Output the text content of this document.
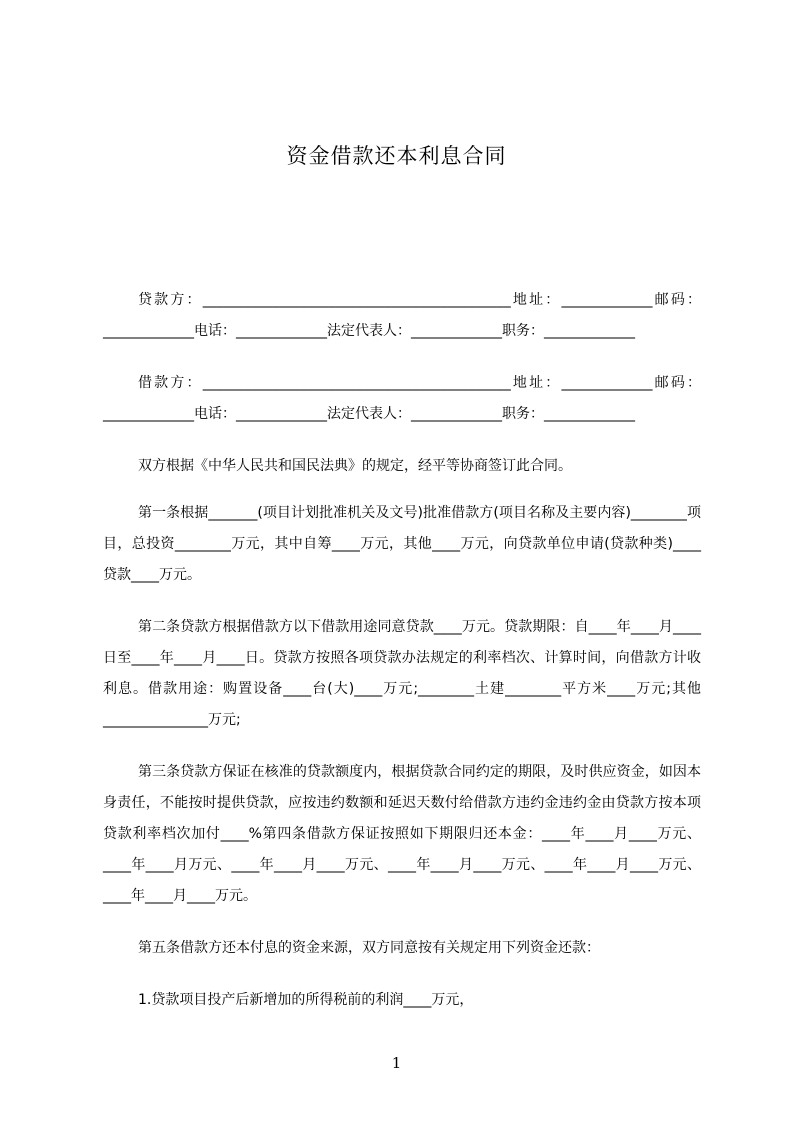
资金借款还本利息合同

贷款方：____________________________________________地址：_____________邮码：_____________电话：_____________法定代表人：_____________职务：_____________

借款方：____________________________________________地址：_____________邮码：_____________电话：_____________法定代表人：_____________职务：_____________

双方根据《中华人民共和国民法典》的规定，经平等协商签订此合同。

第一条根据_______(项目计划批准机关及文号)批准借款方(项目名称及主要内容)________项目，总投资________万元，其中自筹____万元，其他____万元，向贷款单位申请(贷款种类)____贷款____万元。

第二条贷款方根据借款方以下借款用途同意贷款____万元。贷款期限：自____年____月____日至____年____月____日。贷款方按照各项贷款办法规定的利率档次、计算时间，向借款方计收利息。借款用途：购置设备____台(大)____万元;________土建________平方米____万元;其他_______________万元;

第三条贷款方保证在核准的贷款额度内，根据贷款合同约定的期限，及时供应资金，如因本身责任，不能按时提供贷款，应按违约数额和延迟天数付给借款方违约金违约金由贷款方按本项贷款利率档次加付____%第四条借款方保证按照如下期限归还本金：____年____月____万元、____年____月万元、____年____月____万元、____年____月____万元、____年____月____万元、____年____月____万元。

第五条借款方还本付息的资金来源，双方同意按有关规定用下列资金还款：

1.贷款项目投产后新增加的所得税前的利润____万元，

1
